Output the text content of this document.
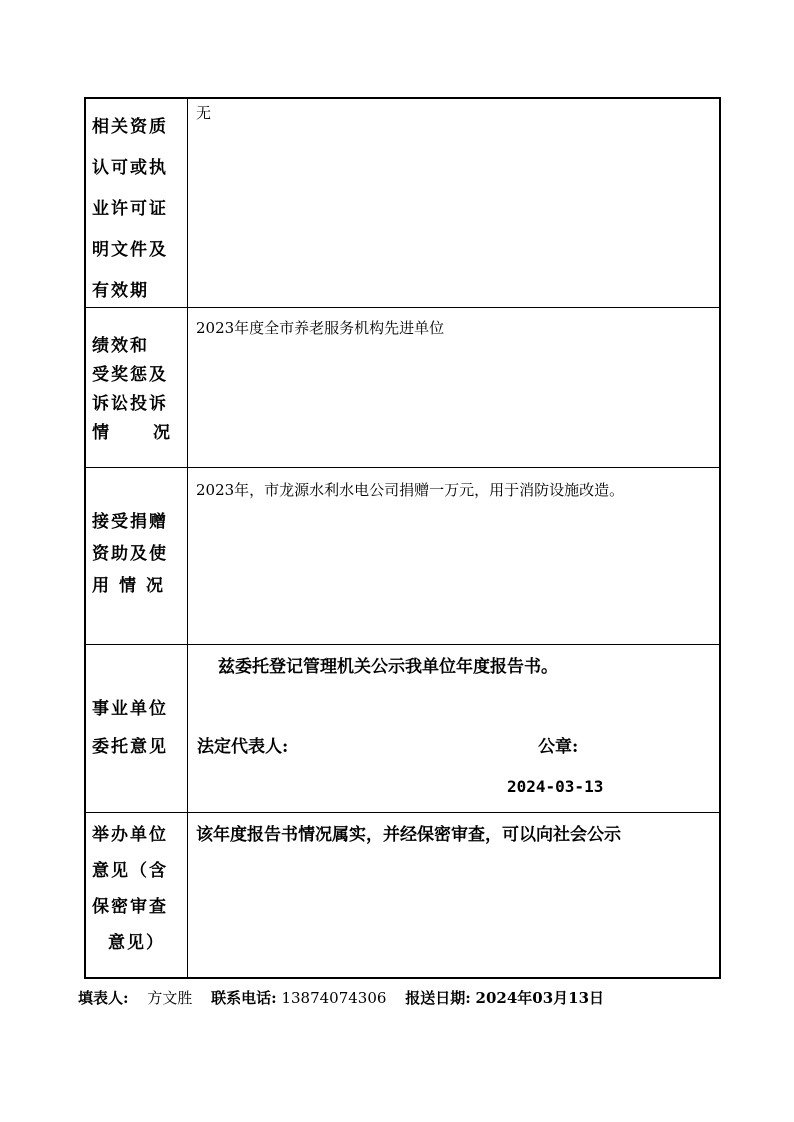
相关资质
认可或执
业许可证
明文件及
有效期
无
绩效和
受奖惩及
诉讼投诉
情况
2023年度全市养老服务机构先进单位
接受捐赠
资助及使
用情况
2023年，市龙源水利水电公司捐赠一万元，用于消防设施改造。
事业单位
委托意见
兹委托登记管理机关公示我单位年度报告书。
法定代表人:	公章:
2024-03-13
举办单位
意见（含
保密审查
意见）
该年度报告书情况属实，并经保密审查，可以向社会公示
填表人: 方文胜 联系电话: 13874074306 报送日期: 2024年03月13日
